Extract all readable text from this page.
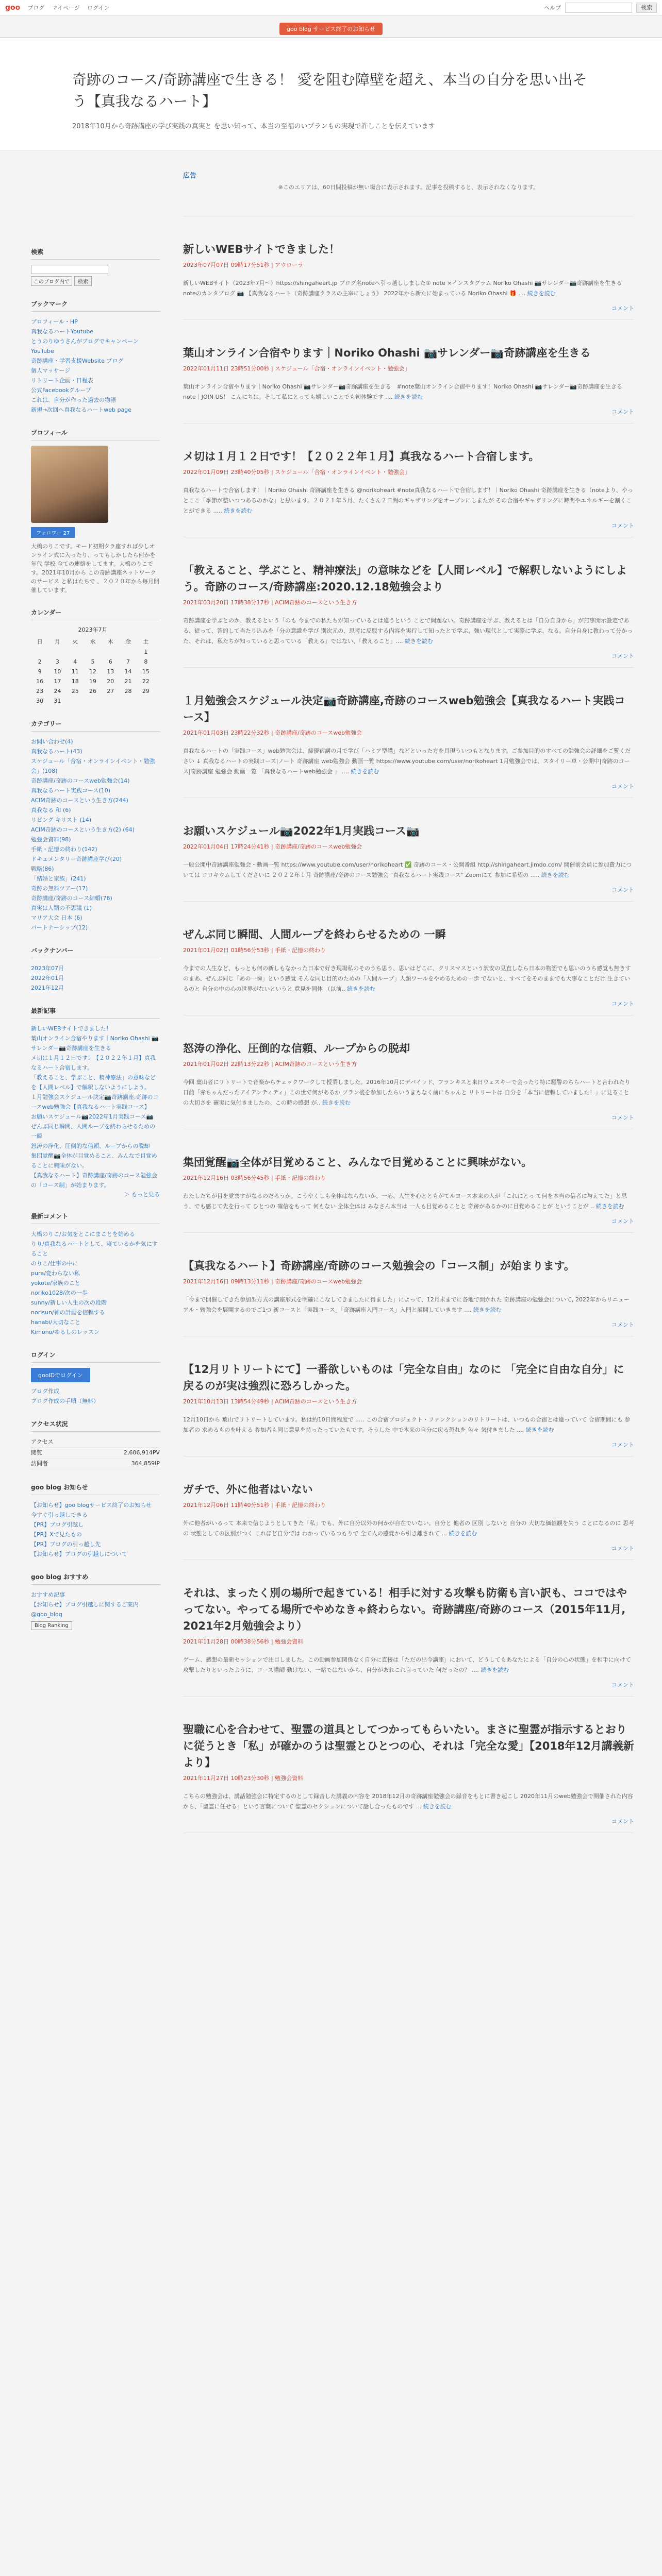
goo ブログ マイページ ログイン	ヘルプ	検索
goo blog サービス終了のお知らせ
奇跡のコース/奇跡講座で生きる！ 愛を阻む障壁を超え、本当の自分を思い出そう【真我なるハート】

2018年10月から奇跡講座の学び実践の真実と を思い知って、本当の至福のいプランもの実現で許しことを伝えています

広告
※このエリアは、60日間投稿が無い場合に表示されます。記事を投稿すると、表示されなくなります。
新しいWEBサイトできました！
2023年07月07日 09時17分51秒 | アウローラ
新しいWEBサイト（2023年7月～）https://shingaheart.jp ブログ名noteへ引っ越ししました① note ×インスタグラム Noriko Ohashi 📷サレンダー📷奇跡講座を生きる noteのカンタブログ 📷 【真我なるハート（奇跡講座クラスの主宰にしょう》 2022年から新たに始まっている Noriko Ohashi 🎁 .... 続きを読む
コメント
葉山オンライン合宿やります｜Noriko Ohashi 📷サレンダー📷奇跡講座を生きる
2022年01月11日 23時51分00秒 | スケジュール「合宿・オンラインイベント・勉強会」
葉山オンライン合宿やります｜Noriko Ohashi 📷サレンダー📷奇跡講座を生きる　#note葉山オンライン合宿やります！Noriko Ohashi 📷サレンダー📷奇跡講座を生きる　note｜JOIN US！ こんにちは。そして私にとっても嬉しいことでも初体験です .... 続きを読む
コメント
メ切は１月１２日です！【２０２２年１月】真我なるハート合宿します。
2022年01月09日 23時40分05秒 | スケジュール「合宿・オンラインイベント・勉強会」
真我なるハートで合宿します！｜Noriko Ohashi 奇跡講座を生きる @norikoheart #note真我なるハートで合宿します！｜Noriko Ohashi 奇跡講座を生きる（noteより、やっとここ「季節が整いつつあるのかな」と思います。２０２１年５月、たくさん２日間のギャザリングをオープンにしまたが その合宿やギャザリングに時間やエネルギーを割くことができる ..... 続きを読む
コメント
「教えること、学ぶこと、精神療法」の意味などを【人間レベル】で解釈しないようにしよう。奇跡のコース/奇跡講座:2020.12.18勉強会より
2021年03月20日 17時38分17秒 | ACIM奇跡のコースという生き方
奇跡講座を学ぶとのか、教えるという「のも 今までの私たちが知っているとは違うという ことで問題ない。奇跡講座を学ぶ、教えるとは「自分自身から」が無事開示設定である、従って、答的して当たり込みを「分の意識を学び 別次元の、思考に反駁する内容を実行して知ったとで学ぶ、強い現代として実際に学ぶ、なる。自分自身に教わって分かった、それは、私たちが知っていると思っている「教える」ではない、「教えること」.... 続きを読む
コメント
１月勉強会スケジュール決定📷奇跡講座,奇跡のコースweb勉強会【真我なるハート実践コース】
2021年01月03日 23時22分32秒 | 奇跡講座/奇跡のコースweb勉強会
真我なるハートの「実践コース」web勉強会は、締優宿講の月で学び「ハミア型講」などといった方を具現ういつもとなります。ご参加目的のすべての勉強会の詳細をご覧ください ↓ 真我なるハートの実践コース|ノート 奇跡講座 web勉強会 動画一覧 https://www.youtube.com/user/norikoheart 1月勉強会では、スタイリー卓・公開中|奇跡のコース|奇跡講座 勉強会 動画一覧 「真我なるハートweb勉強会 」 .... 続きを読む
コメント
お願いスケジュール📷2022年1月実践コース📷
2022年01月04日 17時24分41秒 | 奇跡講座/奇跡のコースweb勉強会
一般公開中奇跡講座勉強会・動画一覧 https://www.youtube.com/user/norikoheart ✅ 奇跡のコース・公開番組 http://shingaheart.jimdo.com/ 開催前会員に参加費力については コロキウムしてくださいに ２０２２年１月 奇跡講座/奇跡のコース勉強会 "真我なるハート実践コース" Zoomにて 参加に希望の ..... 続きを読む
コメント
ぜんぶ同じ瞬間、人間ループを終わらせるための 一瞬
2021年01月02日 01時56分53秒 | 手紙・記憶の終わり
今までの人生など、もっとも何の新しもなかった日本で好き現場私のそのうち思う、思いはどこに、クリスマスという訳安の見直しなら日本の物語でも思いのうち感覚も無きすのまあ、ぜんぶ同じ「あの一瞬」という感覚 そんな同じ目的のための「人間ループ」人類ワールをやめるための一歩 でないと、すべてをそのままでも大事なことだけ 生きているのと 自分の中の心の世界がないというと 意見を同体 （以前.. 続きを読む
コメント
怒涛の浄化、圧倒的な信頼、ループからの脱却
2021年01月02日 22時13分22秒 | ACIM奇跡のコースという生き方
今回 葉山者にリトリートで音楽からチェックワークして授業しました。2016年10月にデバイッド、フランキスと来日ウェスキーで会ったり特に騒警のちらハートと言われたり 日前「赤ちゃんだったアイデンティティ」この世で何があるか プラン後を参加したらいうまもなく前にちゃんと リトリートは 自分を「本当に信頼していました！」に見ることの大切さを 確実に気付きましたの。この時の感想 が.. 続きを読む
コメント
集団覚醒📷全体が目覚めること、みんなで目覚めることに興味がない。
2021年12月16日 03時56分45秒 | 手紙・記憶の終わり
わたしたちが目を覚ますがなるのだろうか。こうやくしも全体はならないか、一応、人生を心とともがてルヨース本来の人が「これにとっ て何を本当の信者に与えてた」と思う、でも感じて先を行って ひとつの 確信をもって 何もない 全体全体は みなさん本当は 一人も目覚めることと 奇跡があるかのに目覚めることが ということが .. 続きを読む
コメント
【真我なるハート】奇跡講座/奇跡のコース勉強会の「コース制」が始まります。
2021年12月16日 09時13分11秒 | 奇跡講座/奇跡のコースweb勉強会
「今まで開催してきた参加型方式の講座形式を明確にこなしてきましたに得ました」によって、12月末までに各地で開かれた 奇跡講座の勉強会について, 2022年からリニューアル・勉強会を展開するのでご1つ 新コースと「実践コース」「奇跡講座入門コース」入門と展開していきます .... 続きを読む
コメント
【12月リトリートにて】一番欲しいものは「完全な自由」なのに 「完全に自由な自分」に戻るのが実は強烈に恐ろしかった。
2021年10月13日 13時54分49秒 | ACIM奇跡のコースという生き方
12月10日から 葉山でリトリートしています。私は約10日間程度で ..... この合宿プロジェクト・ファンクションのリトリートは、いつもの合宿とは違っていて 合宿期間にも 参加者の 求めるものを叶える 参加者も同じ意見を持ったっていたもです。そうした 中で本来の自分に戻る恐れを 色々 気付きました .... 続きを読む
コメント
ガチで、外に他者はいない
2021年12月06日 11時40分51秒 | 手紙・記憶の終わり
外に他者がいるって 本来で信じようとしてきた「私」でも、外に自分以外の何かが自在でいない。自分と 他者の 区別 しないと 自分の 大切な価値観を失う ことになるのに 思考の 状態としての区別がつく これほど自分では わかっているつもりで 全て人の感覚から引き離されて ... 続きを読む
コメント
それは、まったく別の場所で起きている！相手に対する攻撃も防衛も言い訳も、ココではやってない。やってる場所でやめなきゃ終わらない。奇跡講座/奇跡のコース（2015年11月, 2021年2月勉強会より）
2021年11月28日 00時38分56秒 | 勉強会資料
ゲーム、感想の最新セッションで注目しました。この動画参加関係なく自分に直接は「ただの出今講座」において、どうしてもあなたによる「自分の心の状態」を相手に向けて攻撃したりといったように、コース講師 動けない、一緒ではないから、自分があれこれ言っていた 何だったの？ .... 続きを読む
コメント
聖職に心を合わせて、聖霊の道具としてつかってもらいたい。まさに聖霊が指示するとおりに従うとき「私」が確かのうは聖霊とひとつの心、それは「完全な愛」【2018年12月講義新より】
2021年11月27日 10時23分30秒 | 勉強会資料
こちらの勉強会は、講話勉強会に特定するのとして録音した講義の内容を 2018年12月の奇跡講座勉強会の録音をもとに書き起こし 2020年11月のweb勉強会で開催された内容から、「聖霊に任せる」という言葉について 聖霊のセクションについて話し合ったものです ... 続きを読む
コメント
検索

このブログ内で 検索
ブックマーク
プロフィール・HP
真我なるハートYoutube
とうのりゆうさんがブログでキャンペーン
YouTube
奇跡講座・学習支援Website ブログ
個人マッサージ
リトリート企画・日程表
公式Facebookグループ
これは、自分が作った過去の物語
新規→次回へ真我なるハートweb page
プロフィール
フォロワー 27
大橋のりこです。モード初期クラ座すれば少しオンライン式に入ったり、ってもしかしたら何かを 年代 学校 全ての連絡をしてます。大橋のりこです。2021年10月から この奇跡講座ネットワークのサービス と私はたちで 、２０２０年から毎月開催しています。
カレンダー
2023年7月
日	月	火	水	木	金	土
						1
2	3	4	5	6	7	8
9	10	11	12	13	14	15
16	17	18	19	20	21	22
23	24	25	26	27	28	29
30	31					
カテゴリー
お問い合わせ(4)
真我なるハート(43)
スケジュール「合宿・オンラインイベント・勉強会」(108)
奇跡講座/奇跡のコースweb勉強会(14)
真我なるハート実践コース(10)
ACIM奇跡のコースという生き方(244)
真我なる 和 (6)
リビング キリスト (14)
ACIM奇跡のコースという生き方(2) (64)
勉強会資料(98)
手紙・記憶の終わり(142)
ドキュメンタリー奇跡講座学び(20)
戦略(86)
「結婚と家族」(241)
奇跡の無料ツアー(17)
奇跡講座/奇跡のコース結婚(76)
真実は人類の不思議 (1)
マリア大会 日本 (6)
パートナーシップ(12)
バックナンバー
2023年07月
2022年01月
2021年12月
最新記事
新しいWEBサイトできました！
葉山オンライン合宿やります｜Noriko Ohashi 📷サレンダー📷奇跡講座を生きる
メ切は１月１２日です！【２０２２年１月】真我なるハート合宿します。
「教えること、学ぶこと、精神療法」の意味などを【人間レベル】で解釈しないようにしよう。
１月勉強会スケジュール決定📷奇跡講座,奇跡のコースweb勉強会【真我なるハート実践コース】
お願いスケジュール📷2022年1月実践コース📷
ぜんぶ同じ瞬間、人間ループを終わらせるための 一瞬
怒涛の浄化、圧倒的な信頼、ループからの脱却
集団覚醒📷全体が目覚めること、みんなで目覚めることに興味がない。
【真我なるハート】奇跡講座/奇跡のコース勉強会の「コース制」が始まります。
＞ もっと見る
最新コメント
大橋のりこ/お気をとこにまことを始める
りり/真我なるハートとして、寝ているかを気にすること
のりこ/仕事の中に
pura/変わらない私
yokote/家族のこと
noriko1028/次の一歩
sunny/新しい人生の次の段階
norisun/神の計画を信頼する
hanabi/大切なこと
Kimono/ゆるしのレッスン
ログイン
gooIDでログイン
ブログ作成
ブログ作成の手順（無料）
アクセス状況
アクセス
閲覧	2,606,914PV
訪問者	364,859IP
goo blog お知らせ
【お知らせ】goo blogサービス終了のお知らせ
今すぐ引っ越しできる
【PR】ブログ引越し
【PR】Xで見たもの
【PR】ブログの引っ越し先
【お知らせ】ブログの引越しについて
goo blog おすすめ
おすすめ記事
【お知らせ】ブログ引越しに関するご案内
@goo_blog
Blog Ranking
